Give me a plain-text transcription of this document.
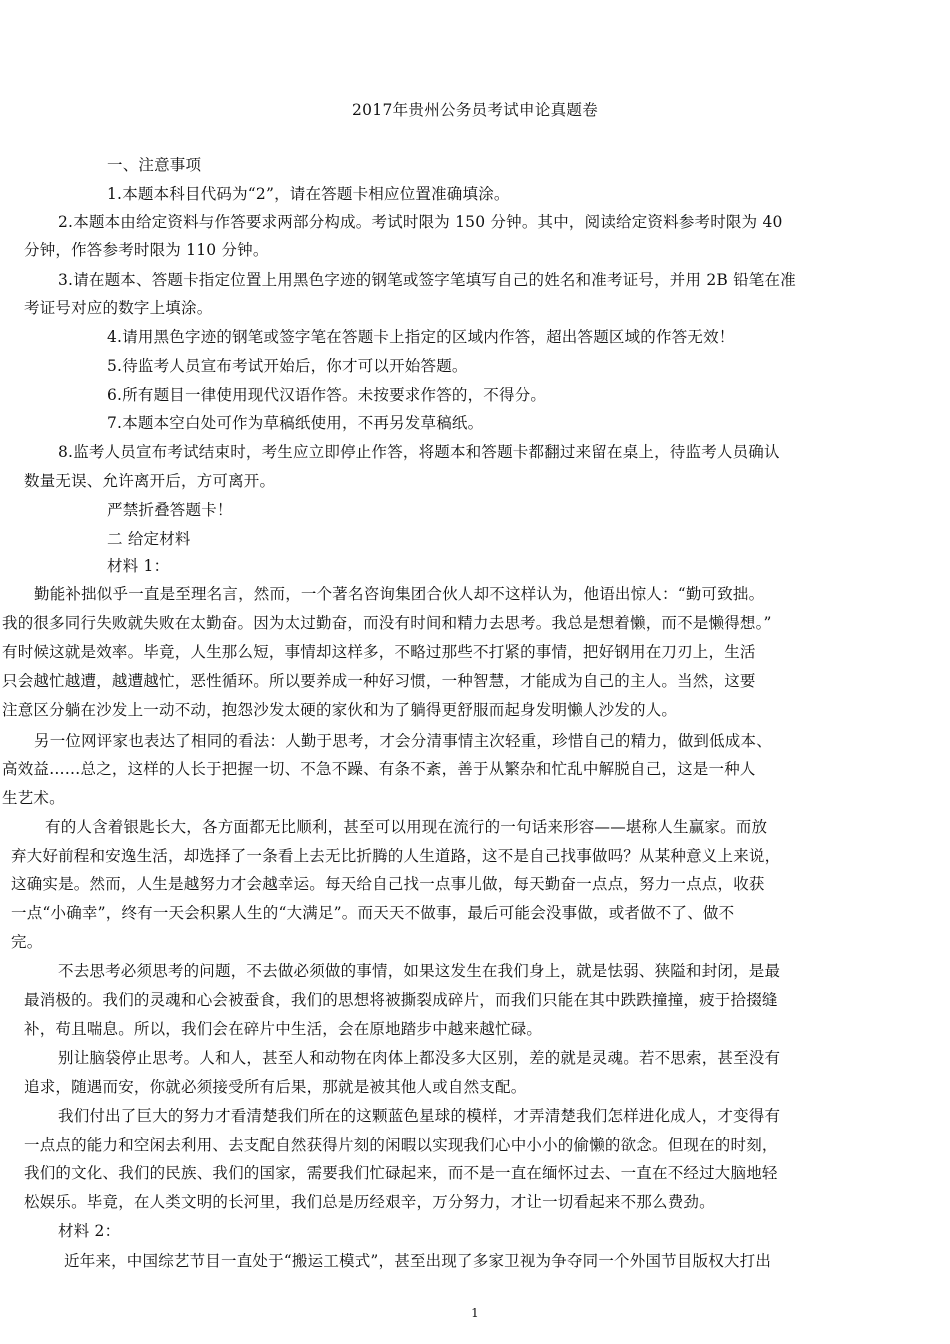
2017年贵州公务员考试申论真题卷
一、注意事项
1.本题本科目代码为“2”，请在答题卡相应位置准确填涂。
2.本题本由给定资料与作答要求两部分构成。考试时限为 150 分钟。其中，阅读给定资料参考时限为 40
分钟，作答参考时限为 110 分钟。
3.请在题本、答题卡指定位置上用黑色字迹的钢笔或签字笔填写自己的姓名和准考证号，并用 2B 铅笔在准
考证号对应的数字上填涂。
4.请用黑色字迹的钢笔或签字笔在答题卡上指定的区域内作答，超出答题区域的作答无效！
5.待监考人员宣布考试开始后，你才可以开始答题。
6.所有题目一律使用现代汉语作答。未按要求作答的，不得分。
7.本题本空白处可作为草稿纸使用，不再另发草稿纸。
8.监考人员宣布考试结束时，考生应立即停止作答，将题本和答题卡都翻过来留在桌上，待监考人员确认
数量无误、允许离开后，方可离开。
严禁折叠答题卡！
二 给定材料
材料 1：
勤能补拙似乎一直是至理名言，然而，一个著名咨询集团合伙人却不这样认为，他语出惊人：“勤可致拙。
我的很多同行失败就失败在太勤奋。因为太过勤奋，而没有时间和精力去思考。我总是想着懒，而不是懒得想。”
有时候这就是效率。毕竟，人生那么短，事情却这样多，不略过那些不打紧的事情，把好钢用在刀刃上，生活
只会越忙越遭，越遭越忙，恶性循环。所以要养成一种好习惯，一种智慧，才能成为自己的主人。当然，这要
注意区分躺在沙发上一动不动，抱怨沙发太硬的家伙和为了躺得更舒服而起身发明懒人沙发的人。
另一位网评家也表达了相同的看法：人勤于思考，才会分清事情主次轻重，珍惜自己的精力，做到低成本、
高效益……总之，这样的人长于把握一切、不急不躁、有条不紊，善于从繁杂和忙乱中解脱自己，这是一种人
生艺术。
有的人含着银匙长大，各方面都无比顺利，甚至可以用现在流行的一句话来形容——堪称人生赢家。而放
弃大好前程和安逸生活，却选择了一条看上去无比折腾的人生道路，这不是自己找事做吗？从某种意义上来说，
这确实是。然而，人生是越努力才会越幸运。每天给自己找一点事儿做，每天勤奋一点点，努力一点点，收获
一点“小确幸”，终有一天会积累人生的“大满足”。而天天不做事，最后可能会没事做，或者做不了、做不
完。
不去思考必须思考的问题，不去做必须做的事情，如果这发生在我们身上，就是怯弱、狭隘和封闭，是最
最消极的。我们的灵魂和心会被蚕食，我们的思想将被撕裂成碎片，而我们只能在其中跌跌撞撞，疲于拾掇缝
补，苟且喘息。所以，我们会在碎片中生活，会在原地踏步中越来越忙碌。
别让脑袋停止思考。人和人，甚至人和动物在肉体上都没多大区别，差的就是灵魂。若不思索，甚至没有
追求，随遇而安，你就必须接受所有后果，那就是被其他人或自然支配。
我们付出了巨大的努力才看清楚我们所在的这颗蓝色星球的模样，才弄清楚我们怎样进化成人，才变得有
一点点的能力和空闲去利用、去支配自然获得片刻的闲暇以实现我们心中小小的偷懒的欲念。但现在的时刻，
我们的文化、我们的民族、我们的国家，需要我们忙碌起来，而不是一直在缅怀过去、一直在不经过大脑地轻
松娱乐。毕竟，在人类文明的长河里，我们总是历经艰辛，万分努力，才让一切看起来不那么费劲。
材料 2：
近年来，中国综艺节目一直处于“搬运工模式”，甚至出现了多家卫视为争夺同一个外国节目版权大打出
1
